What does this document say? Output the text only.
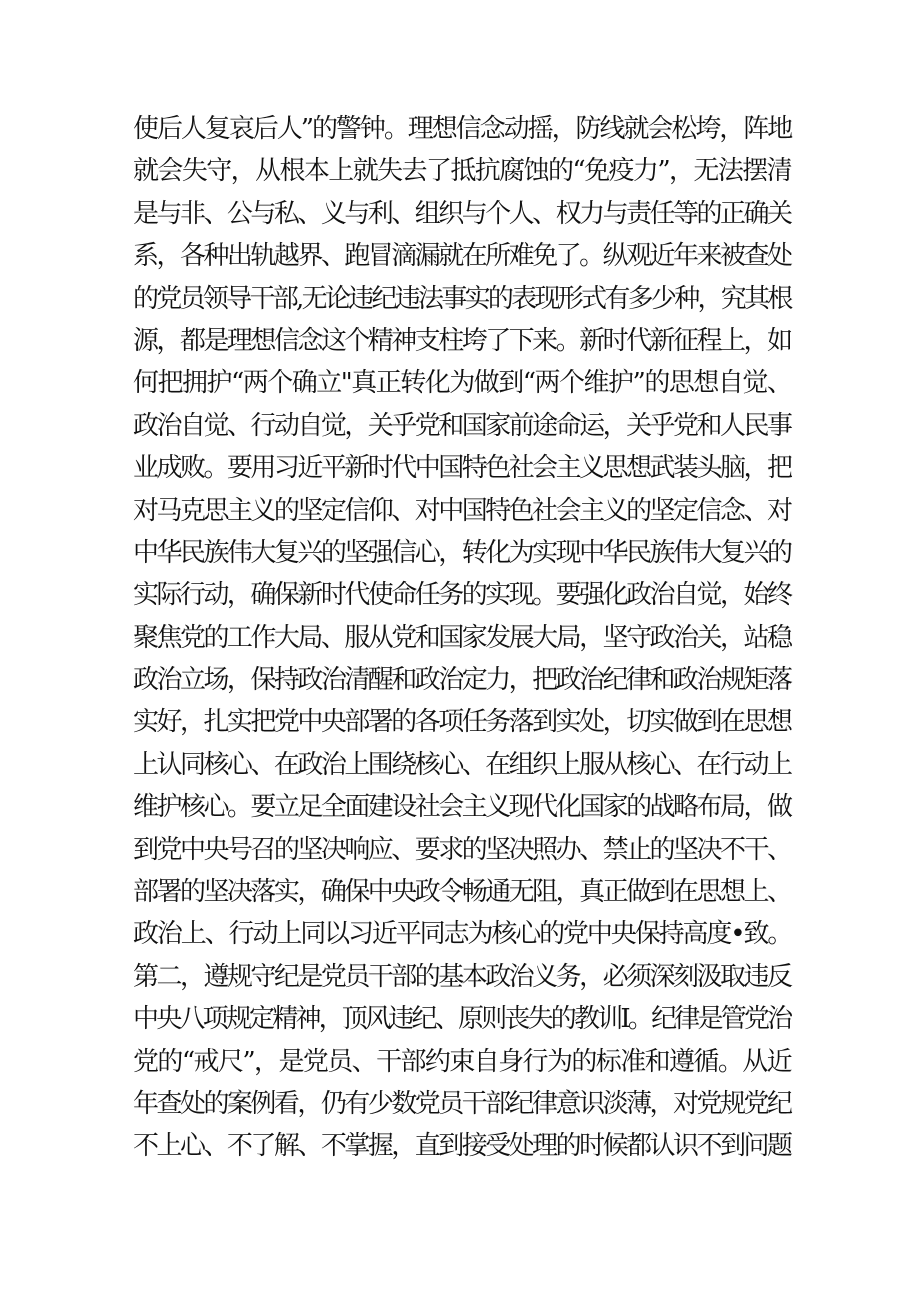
使后人复哀后人”的警钟。理想信念动摇，防线就会松垮，阵地
就会失守，从根本上就失去了抵抗腐蚀的“免疫力”，无法摆清
是与非、公与私、义与利、组织与个人、权力与责任等的正确关
系，各种出轨越界、跑冒滴漏就在所难免了。纵观近年来被查处
的党员领导干部,无论违纪违法事实的表现形式有多少种，究其根
源，都是理想信念这个精神支柱垮了下来。新时代新征程上，如
何把拥护“两个确立"真正转化为做到“两个维护”的思想自觉、
政治自觉、行动自觉，关乎党和国家前途命运，关乎党和人民事
业成败。要用习近平新时代中国特色社会主义思想武装头脑，把
对马克思主义的坚定信仰、对中国特色社会主义的坚定信念、对
中华民族伟大复兴的坚强信心，转化为实现中华民族伟大复兴的
实际行动，确保新时代使命任务的实现。要强化政治自觉，始终
聚焦党的工作大局、服从党和国家发展大局，坚守政治关，站稳
政治立场，保持政治清醒和政治定力，把政治纪律和政治规矩落
实好，扎实把党中央部署的各项任务落到实处，切实做到在思想
上认同核心、在政治上围绕核心、在组织上服从核心、在行动上
维护核心。要立足全面建设社会主义现代化国家的战略布局，做
到党中央号召的坚决响应、要求的坚决照办、禁止的坚决不干、
部署的坚决落实，确保中央政令畅通无阻，真正做到在思想上、
政治上、行动上同以习近平同志为核心的党中央保持高度•致。
第二，遵规守纪是党员干部的基本政治义务，必须深刻汲取违反
中央八项规定精神，顶风违纪、原则丧失的教训I。纪律是管党治
党的“戒尺”，是党员、干部约束自身行为的标准和遵循。从近
年查处的案例看，仍有少数党员干部纪律意识淡薄，对党规党纪
不上心、不了解、不掌握，直到接受处理的时候都认识不到问题
